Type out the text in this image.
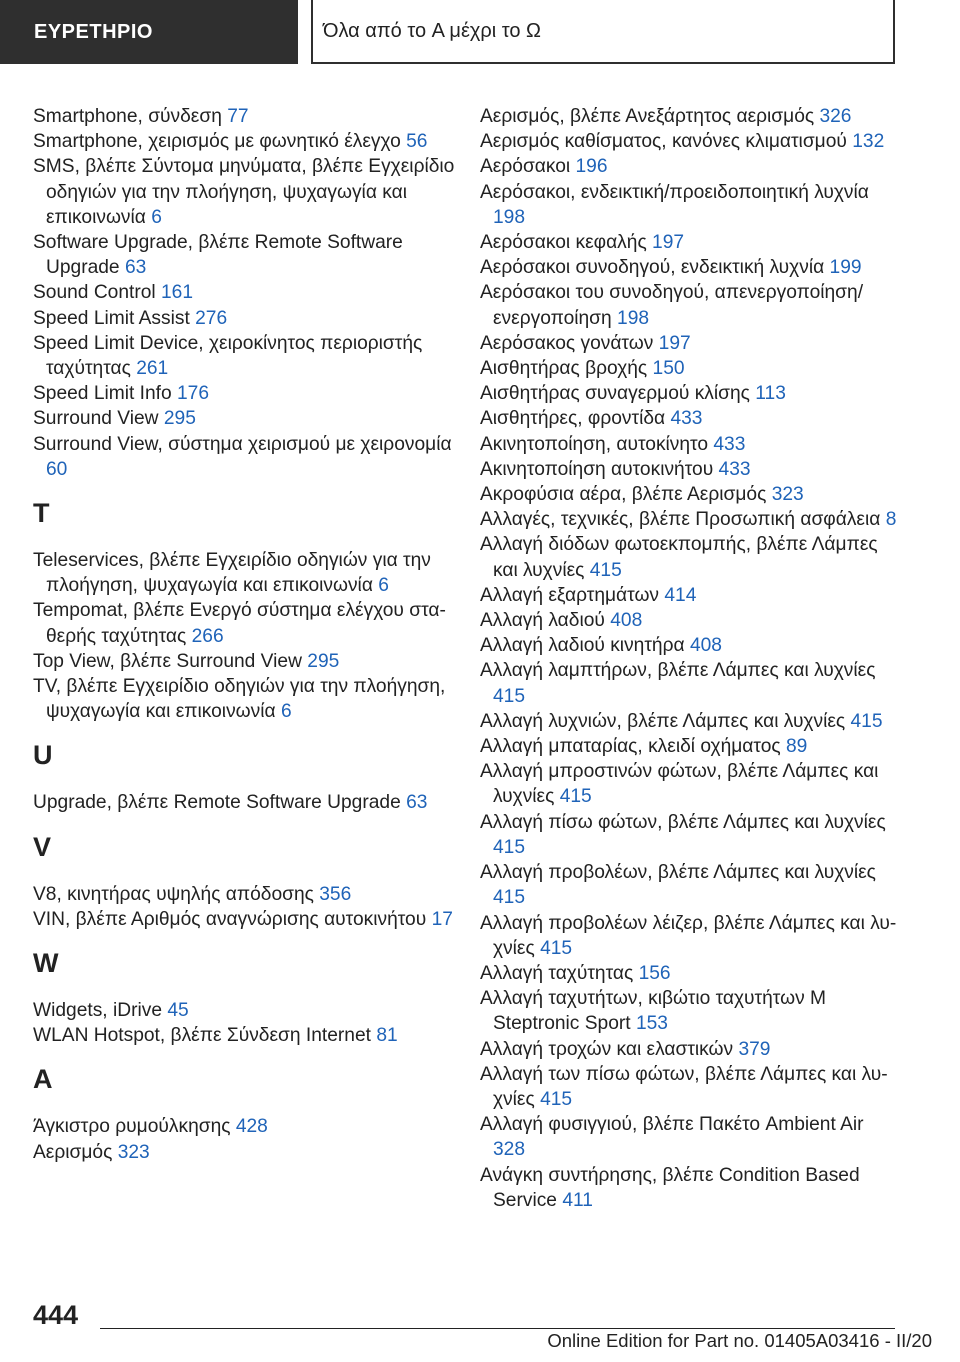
ΕΥΡΕΤΗΡΙΟ	Όλα από το A μέχρι το Ω
Smartphone, σύνδεση 77
Smartphone, χειρισμός με φωνητικό έλεγχο 56
SMS, βλέπε Σύντομα μηνύματα, βλέπε Εγχειρίδιο οδηγιών για την πλοήγηση, ψυχαγωγία και επικοινωνία 6
Software Upgrade, βλέπε Remote Software Upgrade 63
Sound Control 161
Speed Limit Assist 276
Speed Limit Device, χειροκίνητος περιοριστής ταχύτητας 261
Speed Limit Info 176
Surround View 295
Surround View, σύστημα χειρισμού με χειρονομία 60
T
Teleservices, βλέπε Εγχειρίδιο οδηγιών για την πλοήγηση, ψυχαγωγία και επικοινωνία 6
Tempomat, βλέπε Ενεργό σύστημα ελέγχου σταθερής ταχύτητας 266
Top View, βλέπε Surround View 295
TV, βλέπε Εγχειρίδιο οδηγιών για την πλοήγηση, ψυχαγωγία και επικοινωνία 6
U
Upgrade, βλέπε Remote Software Upgrade 63
V
V8, κινητήρας υψηλής απόδοσης 356
VIN, βλέπε Αριθμός αναγνώρισης αυτοκινήτου 17
W
Widgets, iDrive 45
WLAN Hotspot, βλέπε Σύνδεση Internet 81
Α
Άγκιστρο ρυμούλκησης 428
Αερισμός 323
Αερισμός, βλέπε Ανεξάρτητος αερισμός 326
Αερισμός καθίσματος, κανόνες κλιματισμού 132
Αερόσακοι 196
Αερόσακοι, ενδεικτική/προειδοποιητική λυχνία 198
Αερόσακοι κεφαλής 197
Αερόσακοι συνοδηγού, ενδεικτική λυχνία 199
Αερόσακοι του συνοδηγού, απενεργοποίηση/ ενεργοποίηση 198
Αερόσακος γονάτων 197
Αισθητήρας βροχής 150
Αισθητήρας συναγερμού κλίσης 113
Αισθητήρες, φροντίδα 433
Ακινητοποίηση, αυτοκίνητο 433
Ακινητοποίηση αυτοκινήτου 433
Ακροφύσια αέρα, βλέπε Αερισμός 323
Αλλαγές, τεχνικές, βλέπε Προσωπική ασφάλεια 8
Αλλαγή διόδων φωτοεκπομπής, βλέπε Λάμπες και λυχνίες 415
Αλλαγή εξαρτημάτων 414
Αλλαγή λαδιού 408
Αλλαγή λαδιού κινητήρα 408
Αλλαγή λαμπτήρων, βλέπε Λάμπες και λυχνίες 415
Αλλαγή λυχνιών, βλέπε Λάμπες και λυχνίες 415
Αλλαγή μπαταρίας, κλειδί οχήματος 89
Αλλαγή μπροστινών φώτων, βλέπε Λάμπες και λυχνίες 415
Αλλαγή πίσω φώτων, βλέπε Λάμπες και λυχνίες 415
Αλλαγή προβολέων, βλέπε Λάμπες και λυχνίες 415
Αλλαγή προβολέων λέιζερ, βλέπε Λάμπες και λυχνίες 415
Αλλαγή ταχύτητας 156
Αλλαγή ταχυτήτων, κιβώτιο ταχυτήτων M Steptronic Sport 153
Αλλαγή τροχών και ελαστικών 379
Αλλαγή των πίσω φώτων, βλέπε Λάμπες και λυχνίες 415
Αλλαγή φυσιγγιού, βλέπε Πακέτο Ambient Air 328
Ανάγκη συντήρησης, βλέπε Condition Based Service 411
444
Online Edition for Part no. 01405A03416 - II/20
